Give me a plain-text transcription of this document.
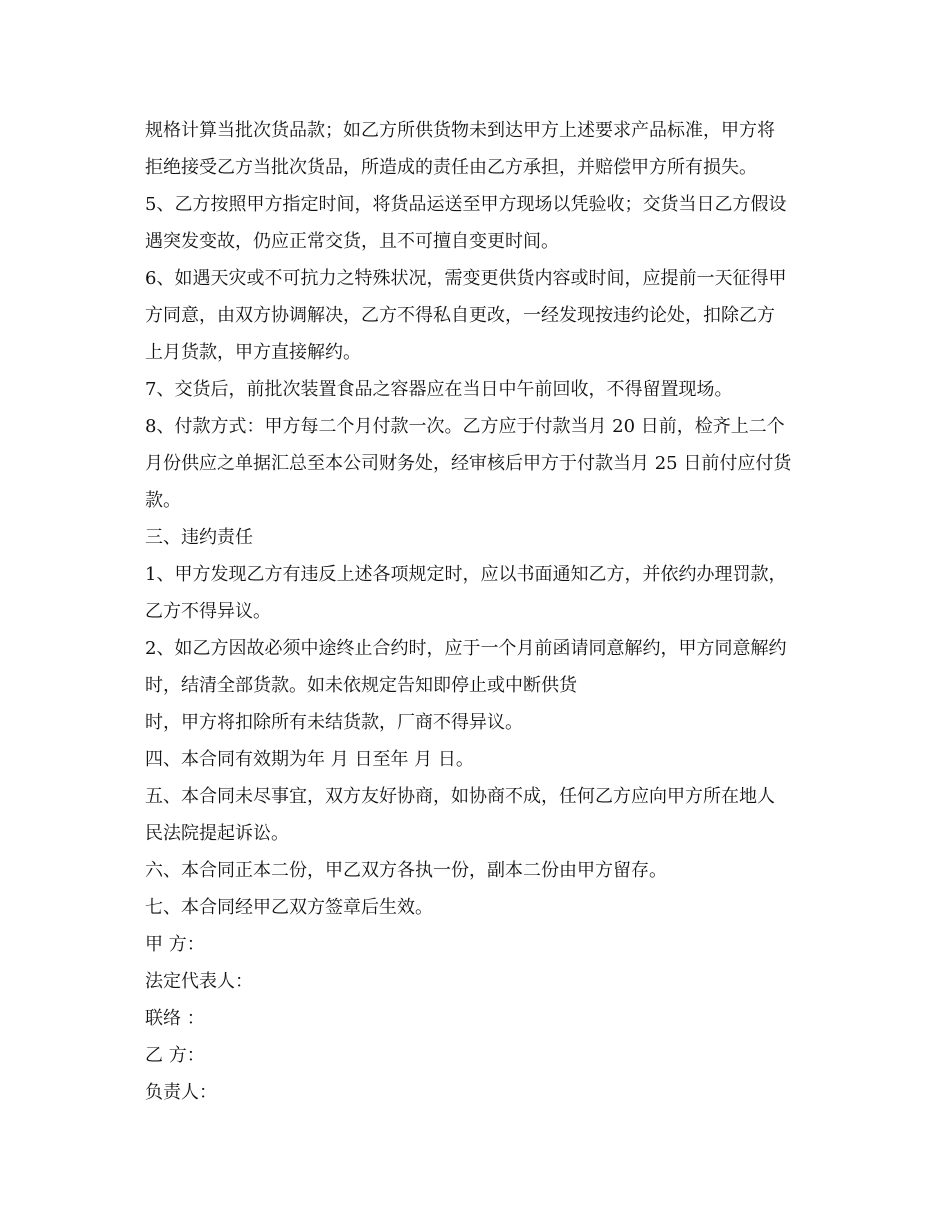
规格计算当批次货品款；如乙方所供货物未到达甲方上述要求产品标准，甲方将

拒绝接受乙方当批次货品，所造成的责任由乙方承担，并赔偿甲方所有损失。

5、乙方按照甲方指定时间，将货品运送至甲方现场以凭验收；交货当日乙方假设

遇突发变故，仍应正常交货，且不可擅自变更时间。

6、如遇天灾或不可抗力之特殊状况，需变更供货内容或时间，应提前一天征得甲

方同意，由双方协调解决，乙方不得私自更改，一经发现按违约论处，扣除乙方

上月货款，甲方直接解约。

7、交货后，前批次装置食品之容器应在当日中午前回收，不得留置现场。

8、付款方式：甲方每二个月付款一次。乙方应于付款当月 20 日前，检齐上二个

月份供应之单据汇总至本公司财务处，经审核后甲方于付款当月 25 日前付应付货

款。

三、违约责任

1、甲方发现乙方有违反上述各项规定时，应以书面通知乙方，并依约办理罚款，

乙方不得异议。

2、如乙方因故必须中途终止合约时，应于一个月前函请同意解约，甲方同意解约

时，结清全部货款。如未依规定告知即停止或中断供货

时，甲方将扣除所有未结货款，厂商不得异议。

四、本合同有效期为年 月 日至年 月 日。

五、本合同未尽事宜，双方友好协商，如协商不成，任何乙方应向甲方所在地人

民法院提起诉讼。

六、本合同正本二份，甲乙双方各执一份，副本二份由甲方留存。

七、本合同经甲乙双方签章后生效。

甲 方：

法定代表人：

联络 ：

乙 方：

负责人：
